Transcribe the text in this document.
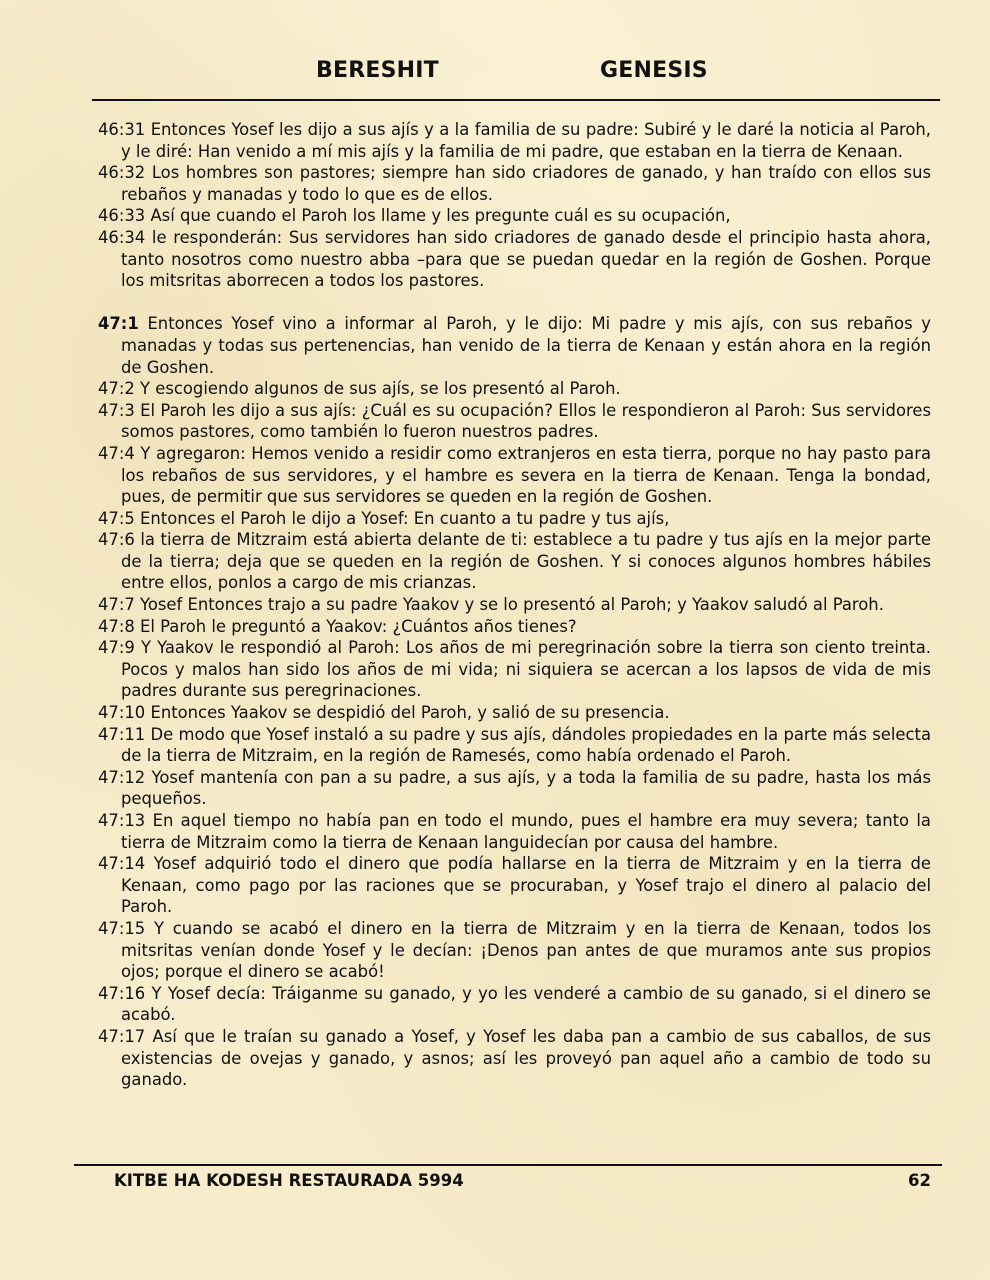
BERESHIT	GENESIS

46:31 Entonces Yosef les dijo a sus ajís y a la familia de su padre: Subiré y le daré la noticia al Paroh, y le diré: Han venido a mí mis ajís y la familia de mi padre, que estaban en la tierra de Kenaan.

46:32 Los hombres son pastores; siempre han sido criadores de ganado, y han traído con ellos sus rebaños y manadas y todo lo que es de ellos.

46:33 Así que cuando el Paroh los llame y les pregunte cuál es su ocupación,

46:34 le responderán: Sus servidores han sido criadores de ganado desde el principio hasta ahora, tanto nosotros como nuestro abba –para que se puedan quedar en la región de Goshen. Porque los mitsritas aborrecen a todos los pastores.

47:1 Entonces Yosef vino a informar al Paroh, y le dijo: Mi padre y mis ajís, con sus rebaños y manadas y todas sus pertenencias, han venido de la tierra de Kenaan y están ahora en la región de Goshen.

47:2 Y escogiendo algunos de sus ajís, se los presentó al Paroh.

47:3 El Paroh les dijo a sus ajís: ¿Cuál es su ocupación? Ellos le respondieron al Paroh: Sus servidores somos pastores, como también lo fueron nuestros padres.

47:4 Y agregaron: Hemos venido a residir como extranjeros en esta tierra, porque no hay pasto para los rebaños de sus servidores, y el hambre es severa en la tierra de Kenaan. Tenga la bondad, pues, de permitir que sus servidores se queden en la región de Goshen.

47:5 Entonces el Paroh le dijo a Yosef: En cuanto a tu padre y tus ajís,

47:6 la tierra de Mitzraim está abierta delante de ti: establece a tu padre y tus ajís en la mejor parte de la tierra; deja que se queden en la región de Goshen. Y si conoces algunos hombres hábiles entre ellos, ponlos a cargo de mis crianzas.

47:7 Yosef Entonces trajo a su padre Yaakov y se lo presentó al Paroh; y Yaakov saludó al Paroh.

47:8 El Paroh le preguntó a Yaakov: ¿Cuántos años tienes?

47:9 Y Yaakov le respondió al Paroh: Los años de mi peregrinación sobre la tierra son ciento treinta. Pocos y malos han sido los años de mi vida; ni siquiera se acercan a los lapsos de vida de mis padres durante sus peregrinaciones.

47:10 Entonces Yaakov se despidió del Paroh, y salió de su presencia.

47:11 De modo que Yosef instaló a su padre y sus ajís, dándoles propiedades en la parte más selecta de la tierra de Mitzraim, en la región de Ramesés, como había ordenado el Paroh.

47:12 Yosef mantenía con pan a su padre, a sus ajís, y a toda la familia de su padre, hasta los más pequeños.

47:13 En aquel tiempo no había pan en todo el mundo, pues el hambre era muy severa; tanto la tierra de Mitzraim como la tierra de Kenaan languidecían por causa del hambre.

47:14 Yosef adquirió todo el dinero que podía hallarse en la tierra de Mitzraim y en la tierra de Kenaan, como pago por las raciones que se procuraban, y Yosef trajo el dinero al palacio del Paroh.

47:15 Y cuando se acabó el dinero en la tierra de Mitzraim y en la tierra de Kenaan, todos los mitsritas venían donde Yosef y le decían: ¡Denos pan antes de que muramos ante sus propios ojos; porque el dinero se acabó!

47:16 Y Yosef decía: Tráiganme su ganado, y yo les venderé a cambio de su ganado, si el dinero se acabó.

47:17 Así que le traían su ganado a Yosef, y Yosef les daba pan a cambio de sus caballos, de sus existencias de ovejas y ganado, y asnos; así les proveyó pan aquel año a cambio de todo su ganado.

KITBE HA KODESH RESTAURADA 5994	62
